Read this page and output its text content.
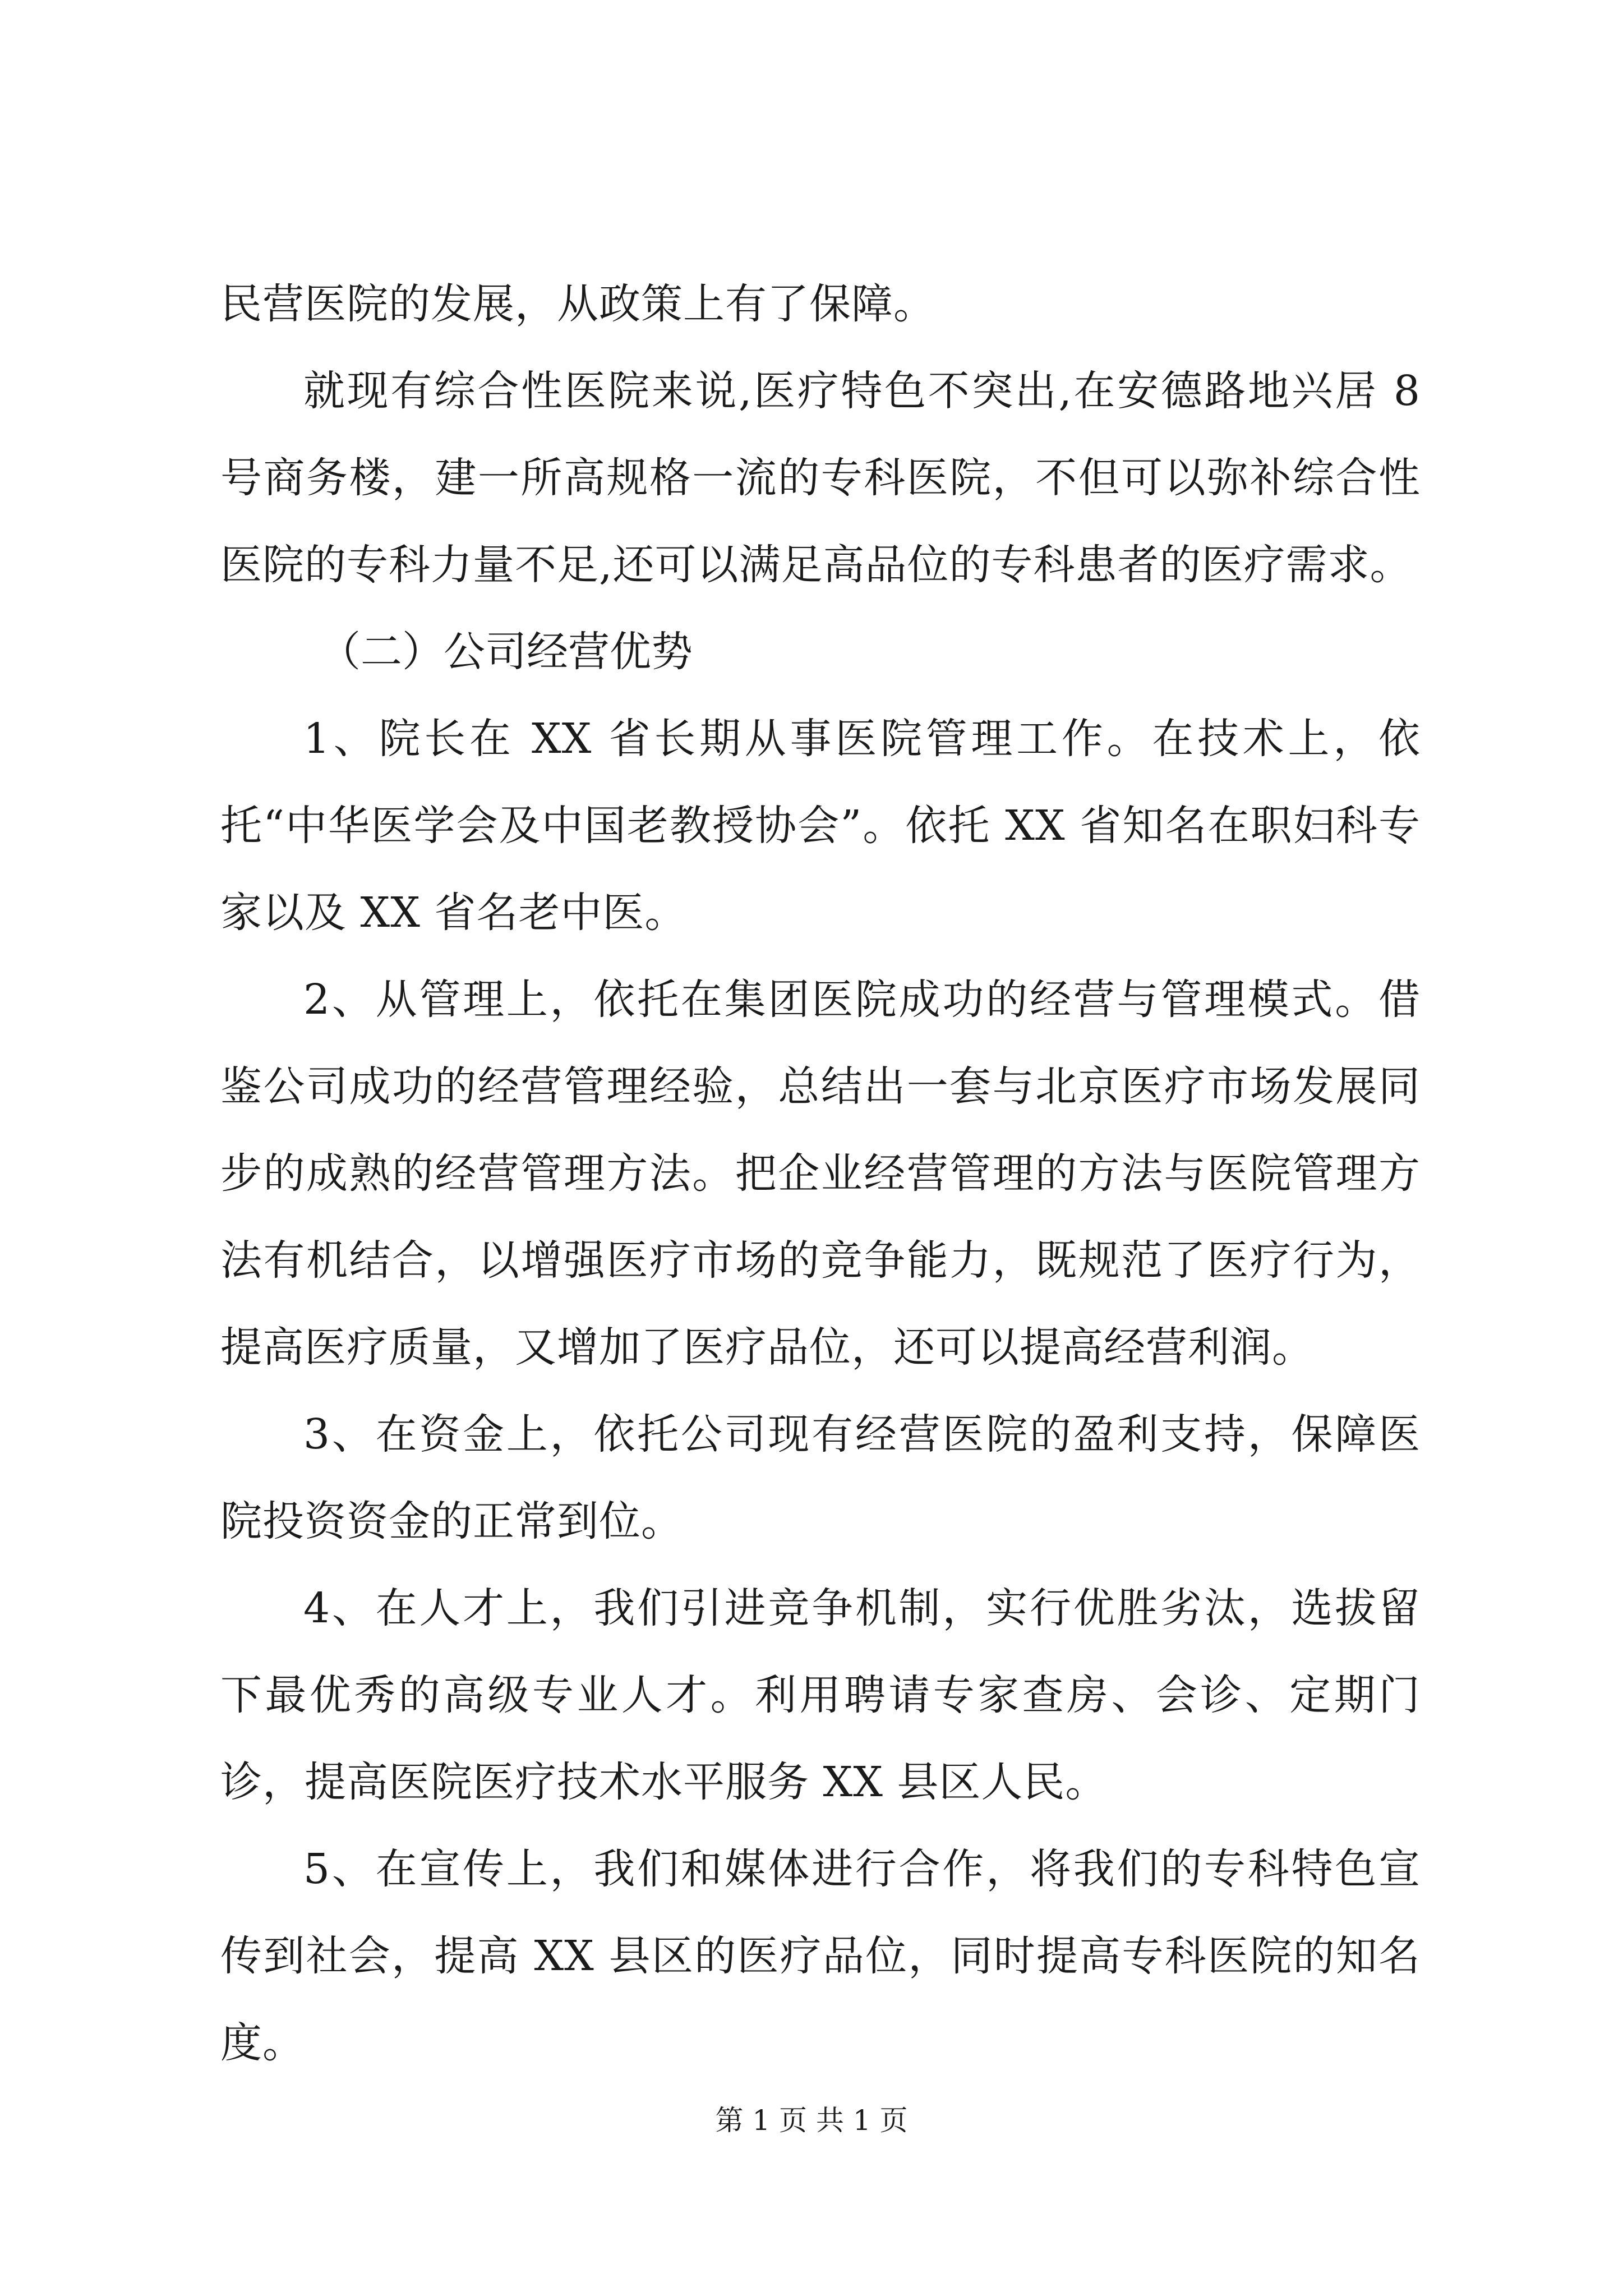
民营医院的发展，从政策上有了保障。

就现有综合性医院来说,医疗特色不突出,在安德路地兴居 8 号商务楼，建一所高规格一流的专科医院，不但可以弥补综合性医院的专科力量不足,还可以满足高品位的专科患者的医疗需求。

（二）公司经营优势

1、院长在 XX 省长期从事医院管理工作。在技术上，依托“中华医学会及中国老教授协会”。依托 XX 省知名在职妇科专家以及 XX 省名老中医。

2、从管理上，依托在集团医院成功的经营与管理模式。借鉴公司成功的经营管理经验，总结出一套与北京医疗市场发展同步的成熟的经营管理方法。把企业经营管理的方法与医院管理方法有机结合，以增强医疗市场的竞争能力，既规范了医疗行为，提高医疗质量，又增加了医疗品位，还可以提高经营利润。

3、在资金上，依托公司现有经营医院的盈利支持，保障医院投资资金的正常到位。

4、在人才上，我们引进竞争机制，实行优胜劣汰，选拔留下最优秀的高级专业人才。利用聘请专家查房、会诊、定期门诊，提高医院医疗技术水平服务 XX 县区人民。

5、在宣传上，我们和媒体进行合作，将我们的专科特色宣传到社会，提高 XX 县区的医疗品位，同时提高专科医院的知名度。

第 1 页 共 1 页
